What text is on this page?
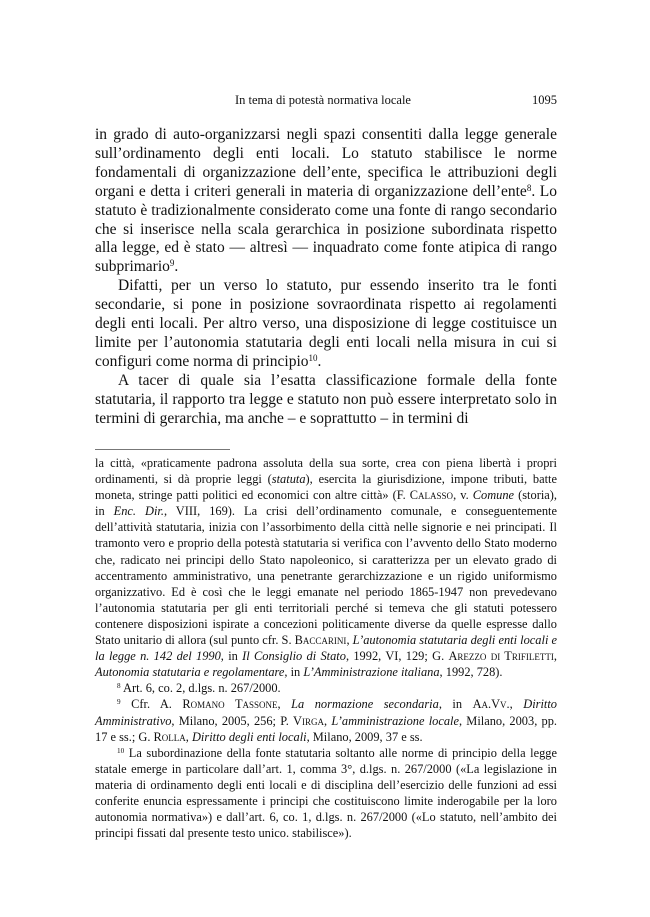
In tema di potestà normativa locale	1095

in grado di auto-organizzarsi negli spazi consentiti dalla legge generale sull’ordinamento degli enti locali. Lo statuto stabilisce le norme fondamentali di organizzazione dell’ente, specifica le attribuzioni degli organi e detta i criteri generali in materia di organizzazione dell’ente$^8$. Lo statuto è tradizionalmente considerato come una fonte di rango secondario che si inserisce nella scala gerarchica in posizione subordinata rispetto alla legge, ed è stato — altresì — inquadrato come fonte atipica di rango subprimario$^9$.

Difatti, per un verso lo statuto, pur essendo inserito tra le fonti secondarie, si pone in posizione sovraordinata rispetto ai regolamenti degli enti locali. Per altro verso, una disposizione di legge costituisce un limite per l’autonomia statutaria degli enti locali nella misura in cui si configuri come norma di principio$^{10}$.

A tacer di quale sia l’esatta classificazione formale della fonte statutaria, il rapporto tra legge e statuto non può essere interpretato solo in termini di gerarchia, ma anche – e soprattutto – in termini di

la città, «praticamente padrona assoluta della sua sorte, crea con piena libertà i propri ordinamenti, si dà proprie leggi (statuta), esercita la giurisdizione, impone tributi, batte moneta, stringe patti politici ed economici con altre città» (F. Calasso, v. Comune (storia), in Enc. Dir., VIII, 169). La crisi dell’ordinamento comunale, e conseguentemente dell’attività statutaria, inizia con l’assorbimento della città nelle signorie e nei principati. Il tramonto vero e proprio della potestà statutaria si verifica con l’avvento dello Stato moderno che, radicato nei principi dello Stato napoleonico, si caratterizza per un elevato grado di accentramento amministrativo, una penetrante gerarchizzazione e un rigido uniformismo organizzativo. Ed è così che le leggi emanate nel periodo 1865-1947 non prevedevano l’autonomia statutaria per gli enti territoriali perché si temeva che gli statuti potessero contenere disposizioni ispirate a concezioni politicamente diverse da quelle espresse dallo Stato unitario di allora (sul punto cfr. S. Baccarini, L’autonomia statutaria degli enti locali e la legge n. 142 del 1990, in Il Consiglio di Stato, 1992, VI, 129; G. Arezzo di Trifiletti, Autonomia statutaria e regolamentare, in L’Amministrazione italiana, 1992, 728).

$^8$ Art. 6, co. 2, d.lgs. n. 267/2000.

$^9$ Cfr. A. Romano Tassone, La normazione secondaria, in Aa.Vv., Diritto Amministrativo, Milano, 2005, 256; P. Virga, L’amministrazione locale, Milano, 2003, pp. 17 e ss.; G. Rolla, Diritto degli enti locali, Milano, 2009, 37 e ss.

$^{10}$ La subordinazione della fonte statutaria soltanto alle norme di principio della legge statale emerge in particolare dall’art. 1, comma 3°, d.lgs. n. 267/2000 («La legislazione in materia di ordinamento degli enti locali e di disciplina dell’esercizio delle funzioni ad essi conferite enuncia espressamente i principi che costituiscono limite inderogabile per la loro autonomia normativa») e dall’art. 6, co. 1, d.lgs. n. 267/2000 («Lo statuto, nell’ambito dei principi fissati dal presente testo unico. stabilisce»).
